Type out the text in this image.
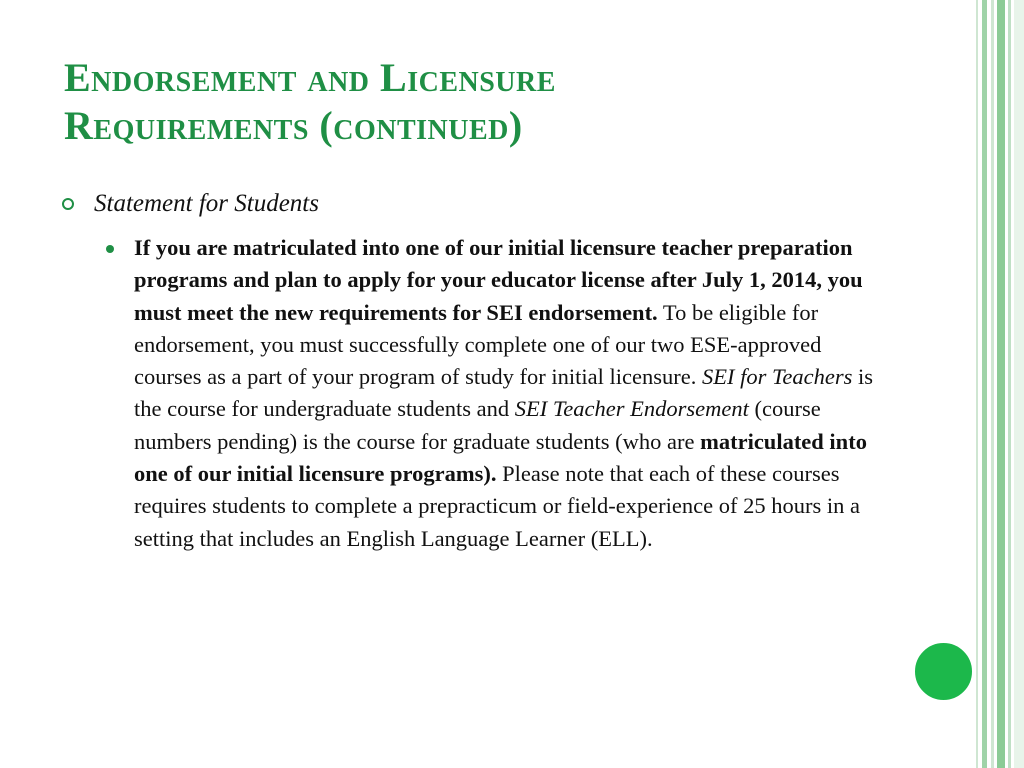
Endorsement and Licensure
Requirements (continued)
Statement for Students

If you are matriculated into one of our initial licensure teacher preparation programs and plan to apply for your educator license after July 1, 2014, you must meet the new requirements for SEI endorsement. To be eligible for endorsement, you must successfully complete one of our two ESE-approved courses as a part of your program of study for initial licensure. SEI for Teachers is the course for undergraduate students and SEI Teacher Endorsement (course numbers pending) is the course for graduate students (who are matriculated into one of our initial licensure programs). Please note that each of these courses requires students to complete a prepracticum or field-experience of 25 hours in a setting that includes an English Language Learner (ELL).
